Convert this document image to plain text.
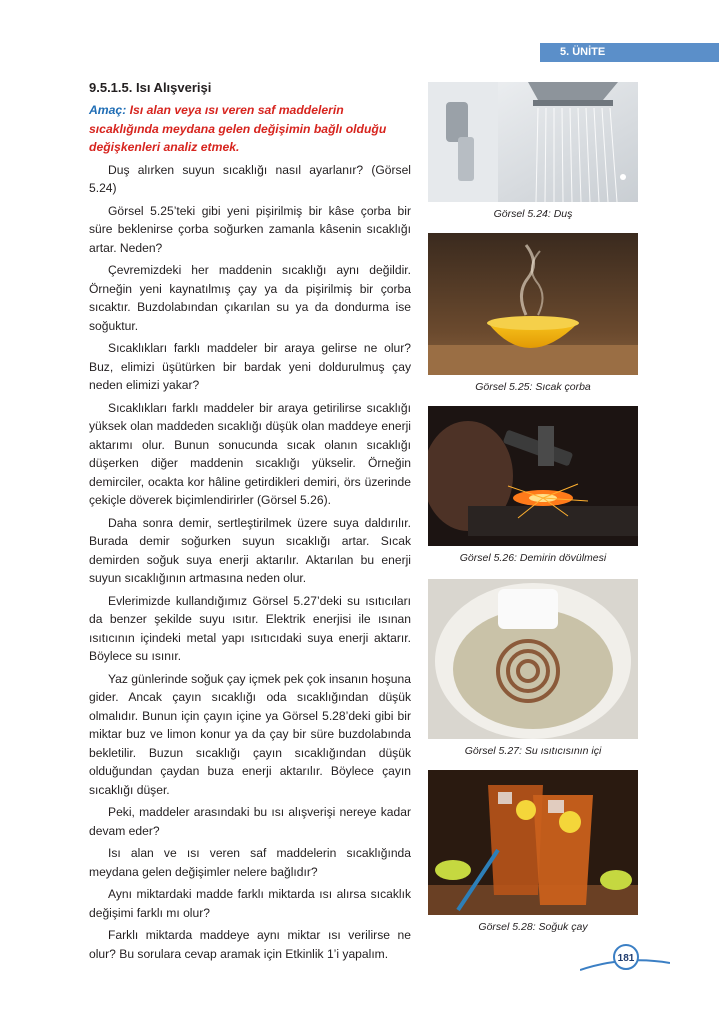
5. ÜNİTE
9.5.1.5. Isı Alışverişi
Amaç: Isı alan veya ısı veren saf maddelerin sıcaklığında meydana gelen değişimin bağlı olduğu değişkenleri analiz etmek.

Duş alırken suyun sıcaklığı nasıl ayarlanır? (Görsel 5.24)

Görsel 5.25’teki gibi yeni pişirilmiş bir kâse çorba bir süre beklenirse çorba soğurken zamanla kâsenin sıcaklığı artar. Neden?

Çevremizdeki her maddenin sıcaklığı aynı değildir. Örneğin yeni kaynatılmış çay ya da pişirilmiş bir çorba sıcaktır. Buzdolabından çıkarılan su ya da dondurma ise soğuktur.

Sıcaklıkları farklı maddeler bir araya gelirse ne olur? Buz, elimizi üşütürken bir bardak yeni doldurulmuş çay neden elimizi yakar?

Sıcaklıkları farklı maddeler bir araya getirilirse sıcaklığı yüksek olan maddeden sıcaklığı düşük olan maddeye enerji aktarımı olur. Bunun sonucunda sıcak olanın sıcaklığı düşerken diğer maddenin sıcaklığı yükselir. Örneğin demirciler, ocakta kor hâline getirdikleri demiri, örs üzerinde çekiçle döverek biçimlendirirler (Görsel 5.26).

Daha sonra demir, sertleştirilmek üzere suya daldırılır. Burada demir soğurken suyun sıcaklığı artar. Sıcak demirden soğuk suya enerji aktarılır. Aktarılan bu enerji suyun sıcaklığının artmasına neden olur.

Evlerimizde kullandığımız Görsel 5.27’deki su ısıtıcıları da benzer şekilde suyu ısıtır. Elektrik enerjisi ile ısınan ısıtıcının içindeki metal yapı ısıtıcıdaki suya enerji aktarır. Böylece su ısınır.

Yaz günlerinde soğuk çay içmek pek çok insanın hoşuna gider. Ancak çayın sıcaklığı oda sıcaklığından düşük olmalıdır. Bunun için çayın içine ya Görsel 5.28’deki gibi bir miktar buz ve limon konur ya da çay bir süre buzdolabında bekletilir. Buzun sıcaklığı çayın sıcaklığından düşük olduğundan çaydan buza enerji aktarılır. Böylece çayın sıcaklığı düşer.

Peki, maddeler arasındaki bu ısı alışverişi nereye kadar devam eder?

Isı alan ve ısı veren saf maddelerin sıcaklığında meydana gelen değişimler nelere bağlıdır?

Aynı miktardaki madde farklı miktarda ısı alırsa sıcaklık değişimi farklı mı olur?

Farklı miktarda maddeye aynı miktar ısı verilirse ne olur? Bu sorulara cevap aramak için Etkinlik 1’i yapalım.

Görsel 5.24: Duş
Görsel 5.25: Sıcak çorba
Görsel 5.26: Demirin dövülmesi
Görsel 5.27: Su ısıtıcısının içi
Görsel 5.28: Soğuk çay
181
